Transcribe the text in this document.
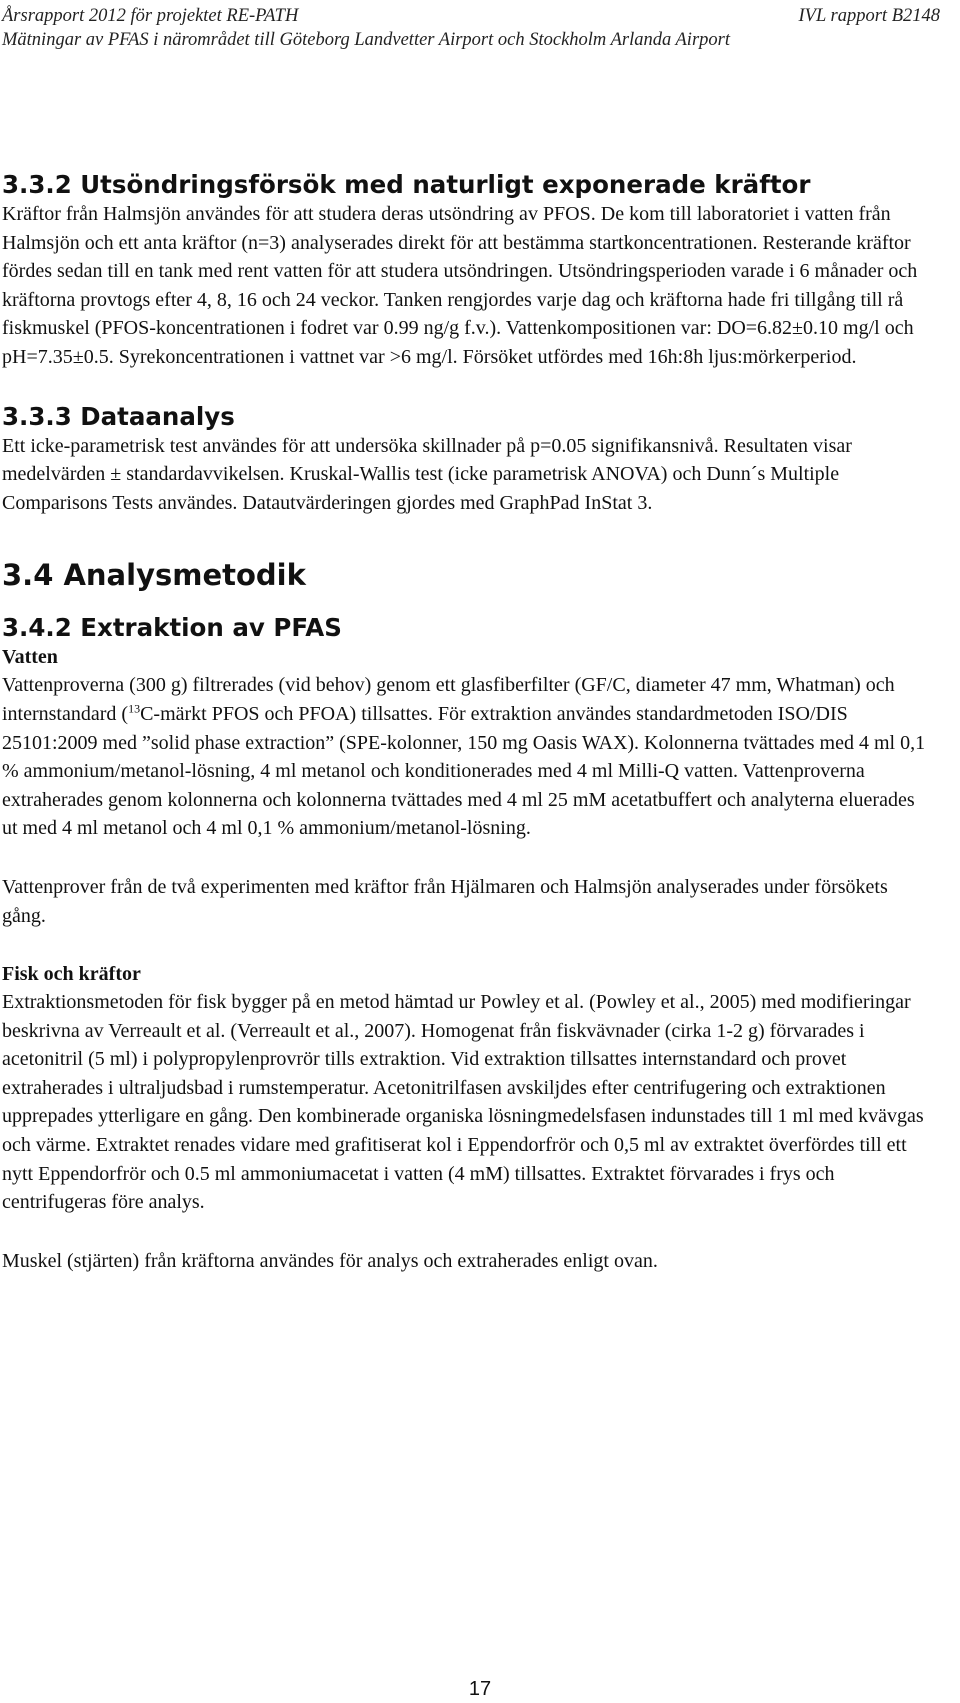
Årsrapport 2012 för projektet RE-PATH	IVL rapport B2148
Mätningar av PFAS i närområdet till Göteborg Landvetter Airport och Stockholm Arlanda Airport
3.3.2 Utsöndringsförsök med naturligt exponerade kräftor

Kräftor från Halmsjön användes för att studera deras utsöndring av PFOS. De kom till laboratoriet i vatten från Halmsjön och ett anta kräftor (n=3) analyserades direkt för att bestämma startkoncentrationen. Resterande kräftor fördes sedan till en tank med rent vatten för att studera utsöndringen. Utsöndringsperioden varade i 6 månader och kräftorna provtogs efter 4, 8, 16 och 24 veckor. Tanken rengjordes varje dag och kräftorna hade fri tillgång till rå fiskmuskel (PFOS-koncentrationen i fodret var 0.99 ng/g f.v.). Vattenkompositionen var: DO=6.82±0.10 mg/l och pH=7.35±0.5. Syrekoncentrationen i vattnet var >6 mg/l. Försöket utfördes med 16h:8h ljus:mörkerperiod.

3.3.3 Dataanalys

Ett icke-parametrisk test användes för att undersöka skillnader på p=0.05 signifikansnivå. Resultaten visar medelvärden ± standardavvikelsen. Kruskal-Wallis test (icke parametrisk ANOVA) och Dunn´s Multiple Comparisons Tests användes. Datautvärderingen gjordes med GraphPad InStat 3.

3.4 Analysmetodik
3.4.2 Extraktion av PFAS
Vatten

Vattenproverna (300 g) filtrerades (vid behov) genom ett glasfiberfilter (GF/C, diameter 47 mm, Whatman) och internstandard ($^{13}$C-märkt PFOS och PFOA) tillsattes. För extraktion användes standardmetoden ISO/DIS 25101:2009 med ”solid phase extraction” (SPE-kolonner, 150 mg Oasis WAX). Kolonnerna tvättades med 4 ml 0,1 % ammonium/metanol-lösning, 4 ml metanol och konditionerades med 4 ml Milli-Q vatten. Vattenproverna extraherades genom kolonnerna och kolonnerna tvättades med 4 ml 25 mM acetatbuffert och analyterna eluerades ut med 4 ml metanol och 4 ml 0,1 % ammonium/metanol-lösning.

Vattenprover från de två experimenten med kräftor från Hjälmaren och Halmsjön analyserades under försökets gång.

Fisk och kräftor

Extraktionsmetoden för fisk bygger på en metod hämtad ur Powley et al. (Powley et al., 2005) med modifieringar beskrivna av Verreault et al. (Verreault et al., 2007). Homogenat från fiskvävnader (cirka 1-2 g) förvarades i acetonitril (5 ml) i polypropylenprovrör tills extraktion. Vid extraktion tillsattes internstandard och provet extraherades i ultraljudsbad i rumstemperatur. Acetonitrilfasen avskiljdes efter centrifugering och extraktionen upprepades ytterligare en gång. Den kombinerade organiska lösningmedelsfasen indunstades till 1 ml med kvävgas och värme. Extraktet renades vidare med grafitiserat kol i Eppendorfrör och 0,5 ml av extraktet överfördes till ett nytt Eppendorfrör och 0.5 ml ammoniumacetat i vatten (4 mM) tillsattes. Extraktet förvarades i frys och centrifugeras före analys.

Muskel (stjärten) från kräftorna användes för analys och extraherades enligt ovan.

17
